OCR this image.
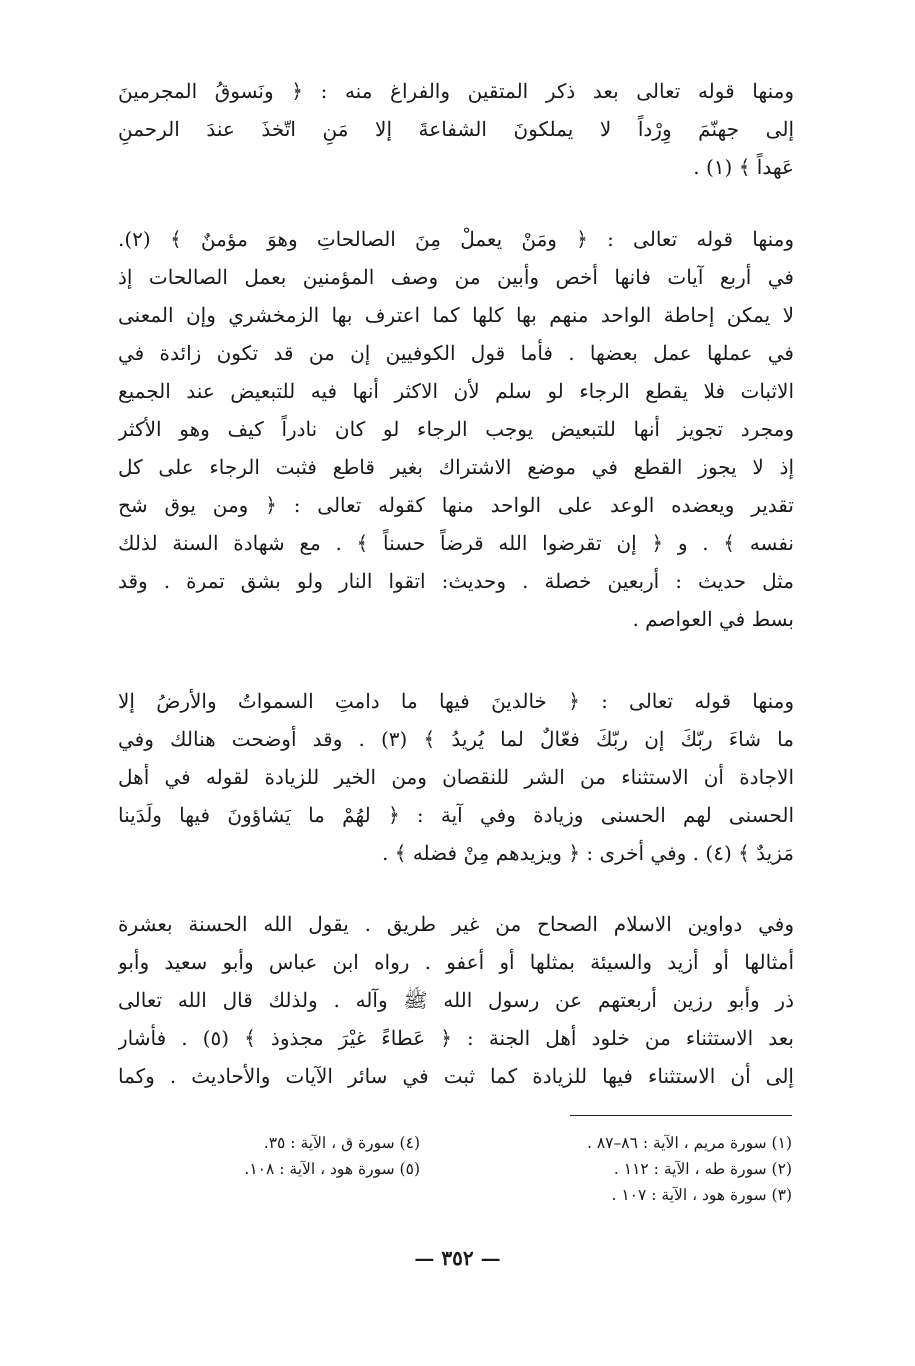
ومنها قوله تعالى بعد ذكر المتقين والفراغ منه : ﴿ ونَسوقُ المجرمينَ
إلى جهنّمَ وِرْداً لا يملكونَ الشفاعةَ إلا مَنِ اتّخذَ عندَ الرحمنِ
عَهداً ﴾ (١) .
ومنها قوله تعالى : ﴿ ومَنْ يعملْ مِنَ الصالحاتِ وهوَ مؤمنٌ ﴾ (٢).
في أربع آيات فانها أخص وأبين من وصف المؤمنين بعمل الصالحات إذ
لا يمكن إحاطة الواحد منهم بها كلها كما اعترف بها الزمخشري وإن المعنى
في عملها عمل بعضها . فأما قول الكوفيين إن من قد تكون زائدة في
الاثبات فلا يقطع الرجاء لو سلم لأن الاكثر أنها فيه للتبعيض عند الجميع
ومجرد تجويز أنها للتبعيض يوجب الرجاء لو كان نادراً كيف وهو الأكثر
إذ لا يجوز القطع في موضع الاشتراك بغير قاطع فثبت الرجاء على كل
تقدير ويعضده الوعد على الواحد منها كقوله تعالى : ﴿ ومن يوق شح
نفسه ﴾ . و ﴿ إن تقرضوا الله قرضاً حسناً ﴾ . مع شهادة السنة لذلك
مثل حديث : أربعين خصلة . وحديث: اتقوا النار ولو بشق تمرة . وقد
بسط في العواصم .
ومنها قوله تعالى : ﴿ خالدينَ فيها ما دامتِ السمواتُ والأرضُ إلا
ما شاءَ ربّكَ إن ربّكَ فعّالٌ لما يُريدُ ﴾ (٣) . وقد أوضحت هنالك وفي
الاجادة أن الاستثناء من الشر للنقصان ومن الخير للزيادة لقوله في أهل
الحسنى لهم الحسنى وزيادة وفي آية : ﴿ لهُمْ ما يَشاؤونَ فيها ولَدَينا
مَزيدٌ ﴾ (٤) . وفي أخرى : ﴿ ويزيدهم مِنْ فضله ﴾ .
وفي دواوين الاسلام الصحاح من غير طريق . يقول الله الحسنة بعشرة
أمثالها أو أزيد والسيئة بمثلها أو أعفو . رواه ابن عباس وأبو سعيد وأبو
ذر وأبو رزين أربعتهم عن رسول الله ﷺ وآله . ولذلك قال الله تعالى
بعد الاستثناء من خلود أهل الجنة : ﴿ عَطاءً غيْرَ مجذوذ ﴾ (٥) . فأشار
إلى أن الاستثناء فيها للزيادة كما ثبت في سائر الآيات والأحاديث . وكما
(١) سورة مريم ، الآية : ٨٦–٨٧ .
(٢) سورة طه ، الآية : ١١٢ .
(٣) سورة هود ، الآية : ١٠٧ .
(٤) سورة ق ، الآية : ٣٥.
(٥) سورة هود ، الآية : ١٠٨.
— ٣٥٢ —
